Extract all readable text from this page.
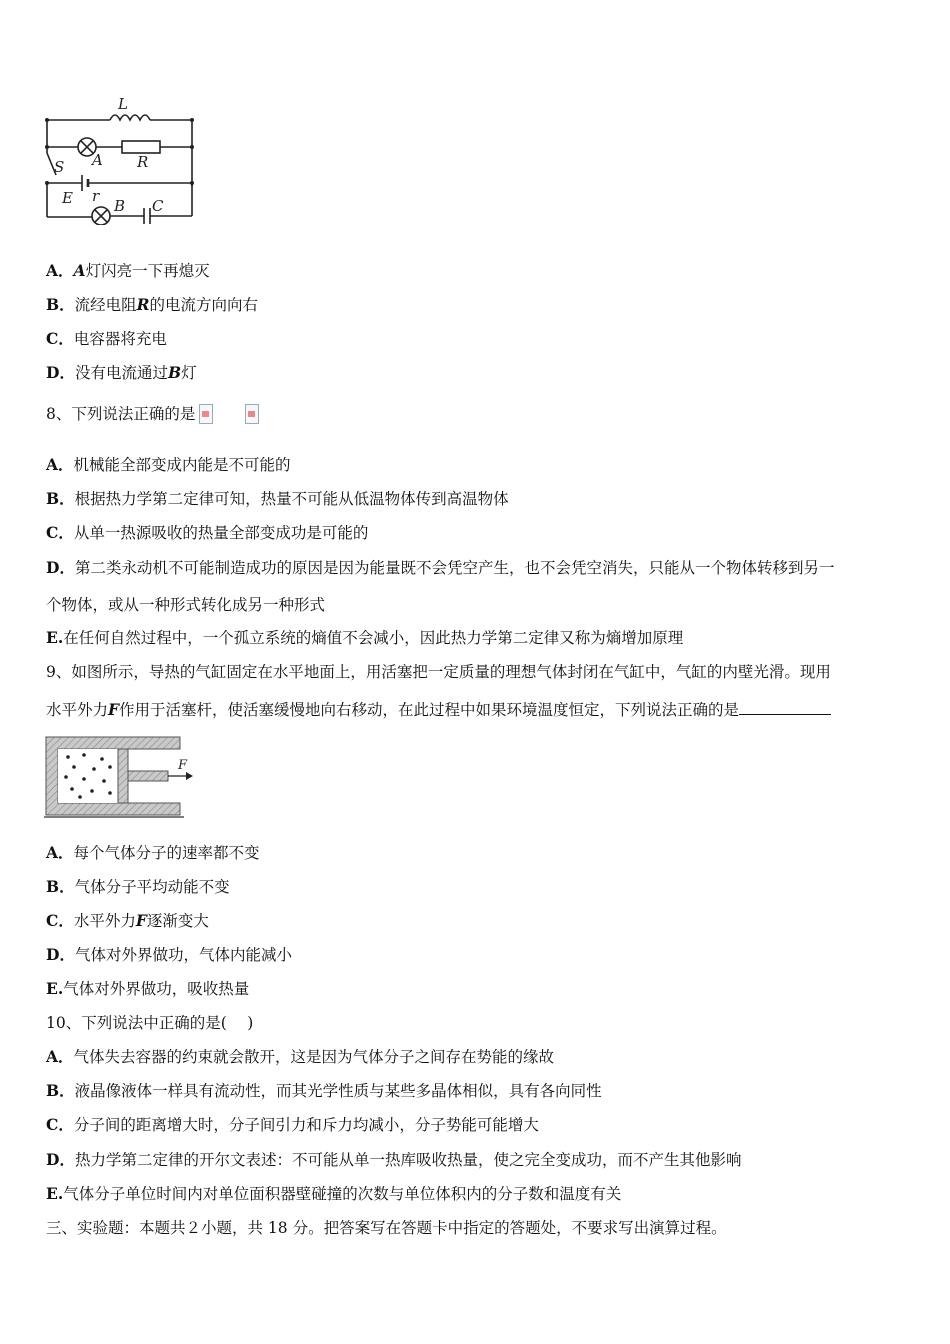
L
A R
S
E r
B C
A．A灯闪亮一下再熄灭
B．流经电阻R的电流方向向右
C．电容器将充电
D．没有电流通过B灯
8、下列说法正确的是
A．机械能全部变成内能是不可能的
B．根据热力学第二定律可知，热量不可能从低温物体传到高温物体
C．从单一热源吸收的热量全部变成功是可能的
D．第二类永动机不可能制造成功的原因是因为能量既不会凭空产生，也不会凭空消失，只能从一个物体转移到另一
个物体，或从一种形式转化成另一种形式
E.在任何自然过程中，一个孤立系统的熵值不会减小，因此热力学第二定律又称为熵增加原理
9、如图所示，导热的气缸固定在水平地面上，用活塞把一定质量的理想气体封闭在气缸中，气缸的内壁光滑。现用
水平外力F作用于活塞杆，使活塞缓慢地向右移动，在此过程中如果环境温度恒定，下列说法正确的是
F
A．每个气体分子的速率都不变
B．气体分子平均动能不变
C．水平外力F逐渐变大
D．气体对外界做功，气体内能减小
E.气体对外界做功，吸收热量
10、下列说法中正确的是(　 )
A．气体失去容器的约束就会散开，这是因为气体分子之间存在势能的缘故
B．液晶像液体一样具有流动性，而其光学性质与某些多晶体相似，具有各向同性
C．分子间的距离增大时，分子间引力和斥力均减小，分子势能可能增大
D．热力学第二定律的开尔文表述：不可能从单一热库吸收热量，使之完全变成功，而不产生其他影响
E.气体分子单位时间内对单位面积器壁碰撞的次数与单位体积内的分子数和温度有关
三、实验题：本题共２小题，共 18 分。把答案写在答题卡中指定的答题处，不要求写出演算过程。
